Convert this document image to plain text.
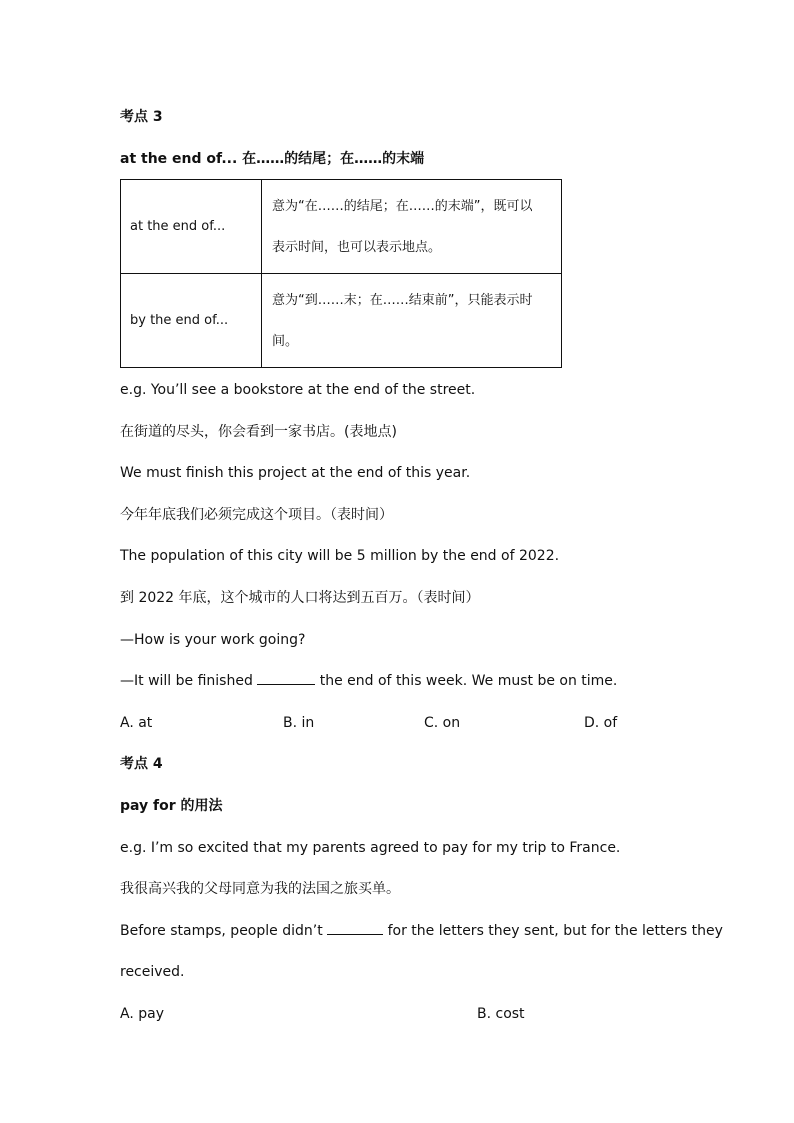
考点 3
at the end of... 在……的结尾；在……的末端
at the end of...	意为“在……的结尾；在……的末端”，既可以
表示时间，也可以表示地点。

by the end of...	意为“到……末；在……结束前”，只能表示时
间。
e.g. You’ll see a bookstore at the end of the street.
在街道的尽头，你会看到一家书店。(表地点)
We must finish this project at the end of this year.
今年年底我们必须完成这个项目。（表时间）
The population of this city will be 5 million by the end of 2022.
到 2022 年底，这个城市的人口将达到五百万。（表时间）
—How is your work going?
—It will be finished	the end of this week. We must be on time.
A. at	B. in	C. on	D. of
考点 4
pay for 的用法
e.g. I’m so excited that my parents agreed to pay for my trip to France.
我很高兴我的父母同意为我的法国之旅买单。
Before stamps, people didn’t	for the letters they sent, but for the letters they
received.
A. pay	B. cost
